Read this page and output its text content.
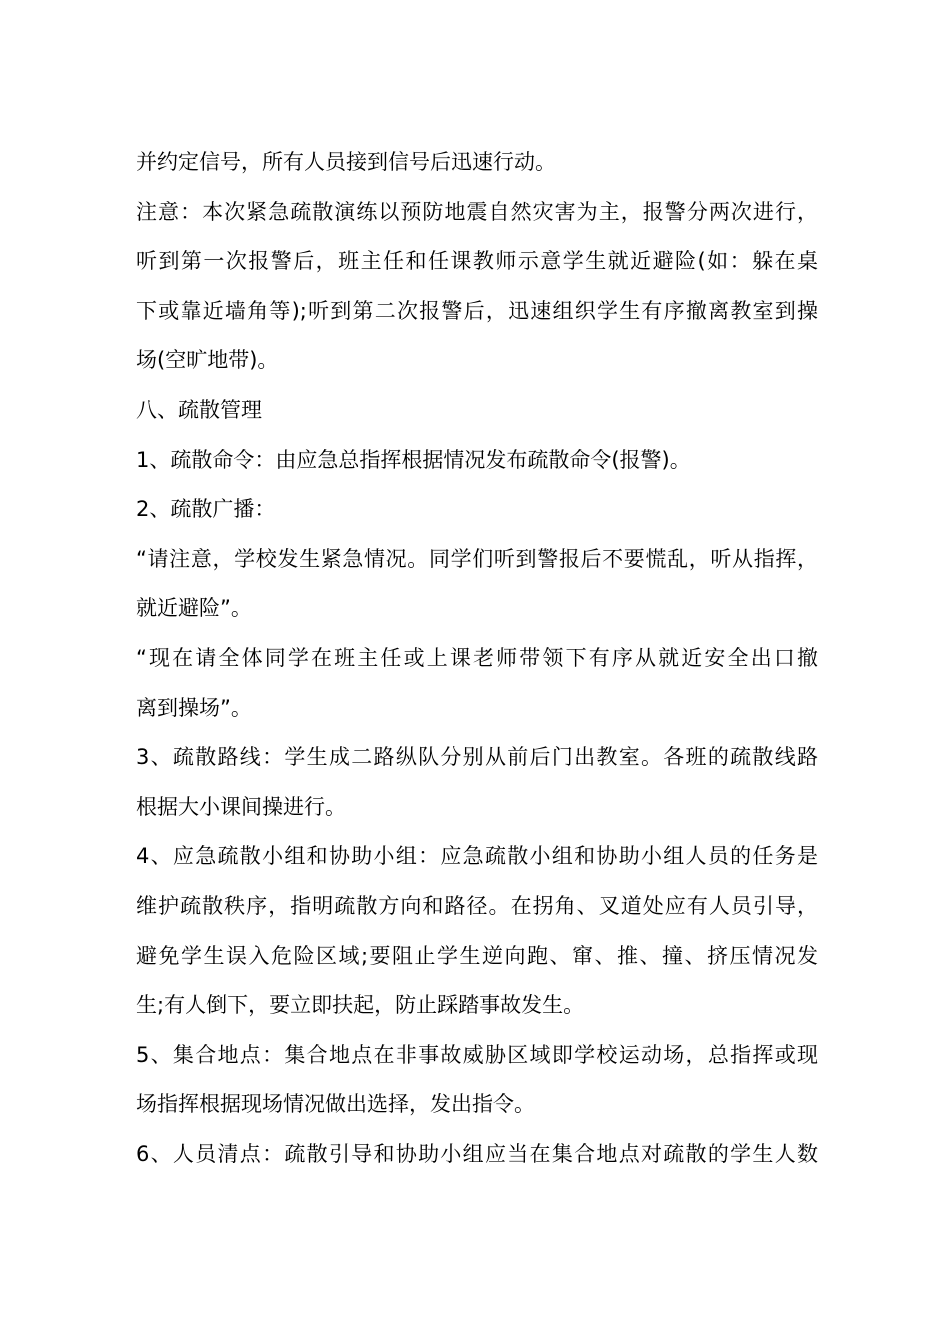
并约定信号，所有人员接到信号后迅速行动。
注意：本次紧急疏散演练以预防地震自然灾害为主，报警分两次进行，
听到第一次报警后，班主任和任课教师示意学生就近避险(如：躲在桌
下或靠近墙角等);听到第二次报警后，迅速组织学生有序撤离教室到操
场(空旷地带)。
八、疏散管理
1、疏散命令：由应急总指挥根据情况发布疏散命令(报警)。
2、疏散广播：
“请注意，学校发生紧急情况。同学们听到警报后不要慌乱，听从指挥，
就近避险”。
“现在请全体同学在班主任或上课老师带领下有序从就近安全出口撤
离到操场”。
3、疏散路线：学生成二路纵队分别从前后门出教室。各班的疏散线路
根据大小课间操进行。
4、应急疏散小组和协助小组：应急疏散小组和协助小组人员的任务是
维护疏散秩序，指明疏散方向和路径。在拐角、叉道处应有人员引导，
避免学生误入危险区域;要阻止学生逆向跑、窜、推、撞、挤压情况发
生;有人倒下，要立即扶起，防止踩踏事故发生。
5、集合地点：集合地点在非事故威胁区域即学校运动场，总指挥或现
场指挥根据现场情况做出选择，发出指令。
6、人员清点：疏散引导和协助小组应当在集合地点对疏散的学生人数
